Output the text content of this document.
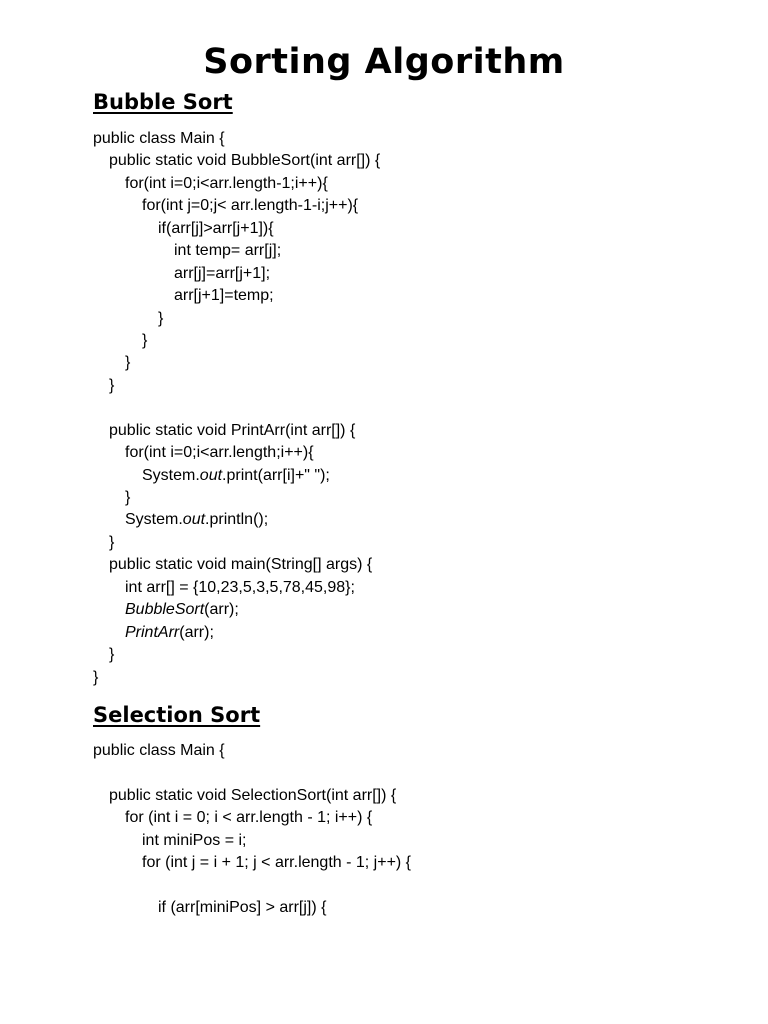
Sorting Algorithm
Bubble Sort
public class Main {
public static void BubbleSort(int arr[]) {
for(int i=0;i<arr.length-1;i++){
for(int j=0;j< arr.length-1-i;j++){
if(arr[j]>arr[j+1]){
int temp= arr[j];
arr[j]=arr[j+1];
arr[j+1]=temp;
}
}
}
}
public static void PrintArr(int arr[]) {
for(int i=0;i<arr.length;i++){
System.out.print(arr[i]+" ");
}
System.out.println();
}
public static void main(String[] args) {
int arr[] = {10,23,5,3,5,78,45,98};
BubbleSort(arr);
PrintArr(arr);
}
}
Selection Sort
public class Main {
public static void SelectionSort(int arr[]) {
for (int i = 0; i < arr.length - 1; i++) {
int miniPos = i;
for (int j = i + 1; j < arr.length - 1; j++) {
if (arr[miniPos] > arr[j]) {
